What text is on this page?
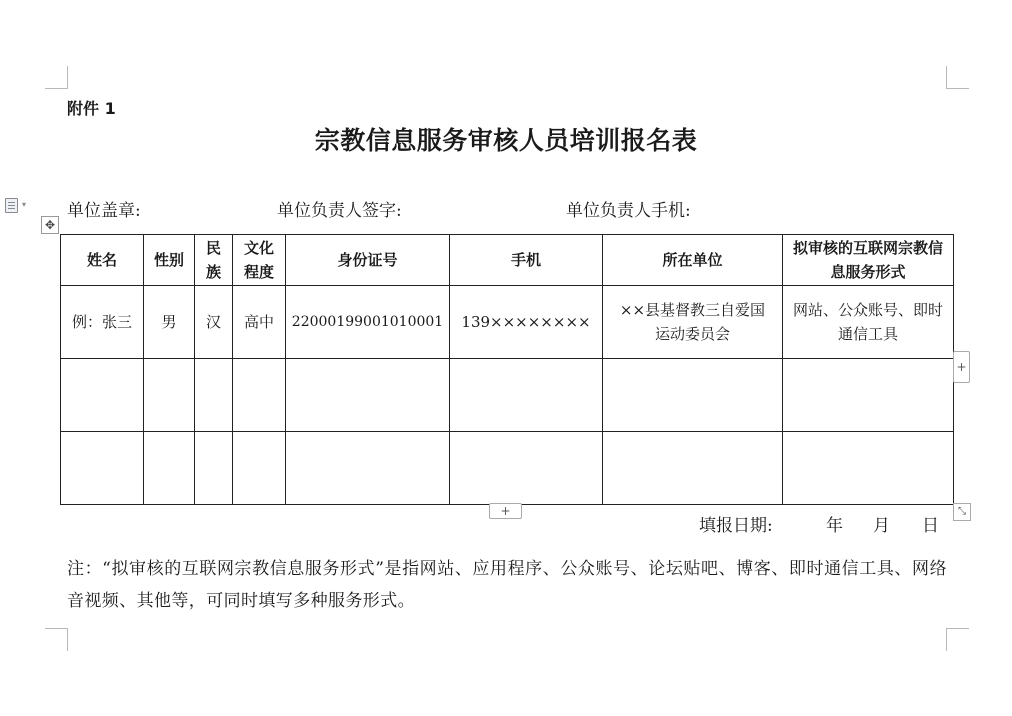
▾
附件 1
宗教信息服务审核人员培训报名表
单位盖章:	单位负责人签字:	单位负责人手机:
✥
姓名	性别	民族	文化程度	身份证号	手机	所在单位	拟审核的互联网宗教信息服务形式

例：张三	男	汉	高中	22000199001010001	139××××××××	××县基督教三自爱国运动委员会	网站、公众账号、即时通信工具

+
+	⤡
填报日期:	年 月 日
注：“拟审核的互联网宗教信息服务形式”是指网站、应用程序、公众账号、论坛贴吧、博客、即时通信工具、网络音视频、其他等，可同时填写多种服务形式。
